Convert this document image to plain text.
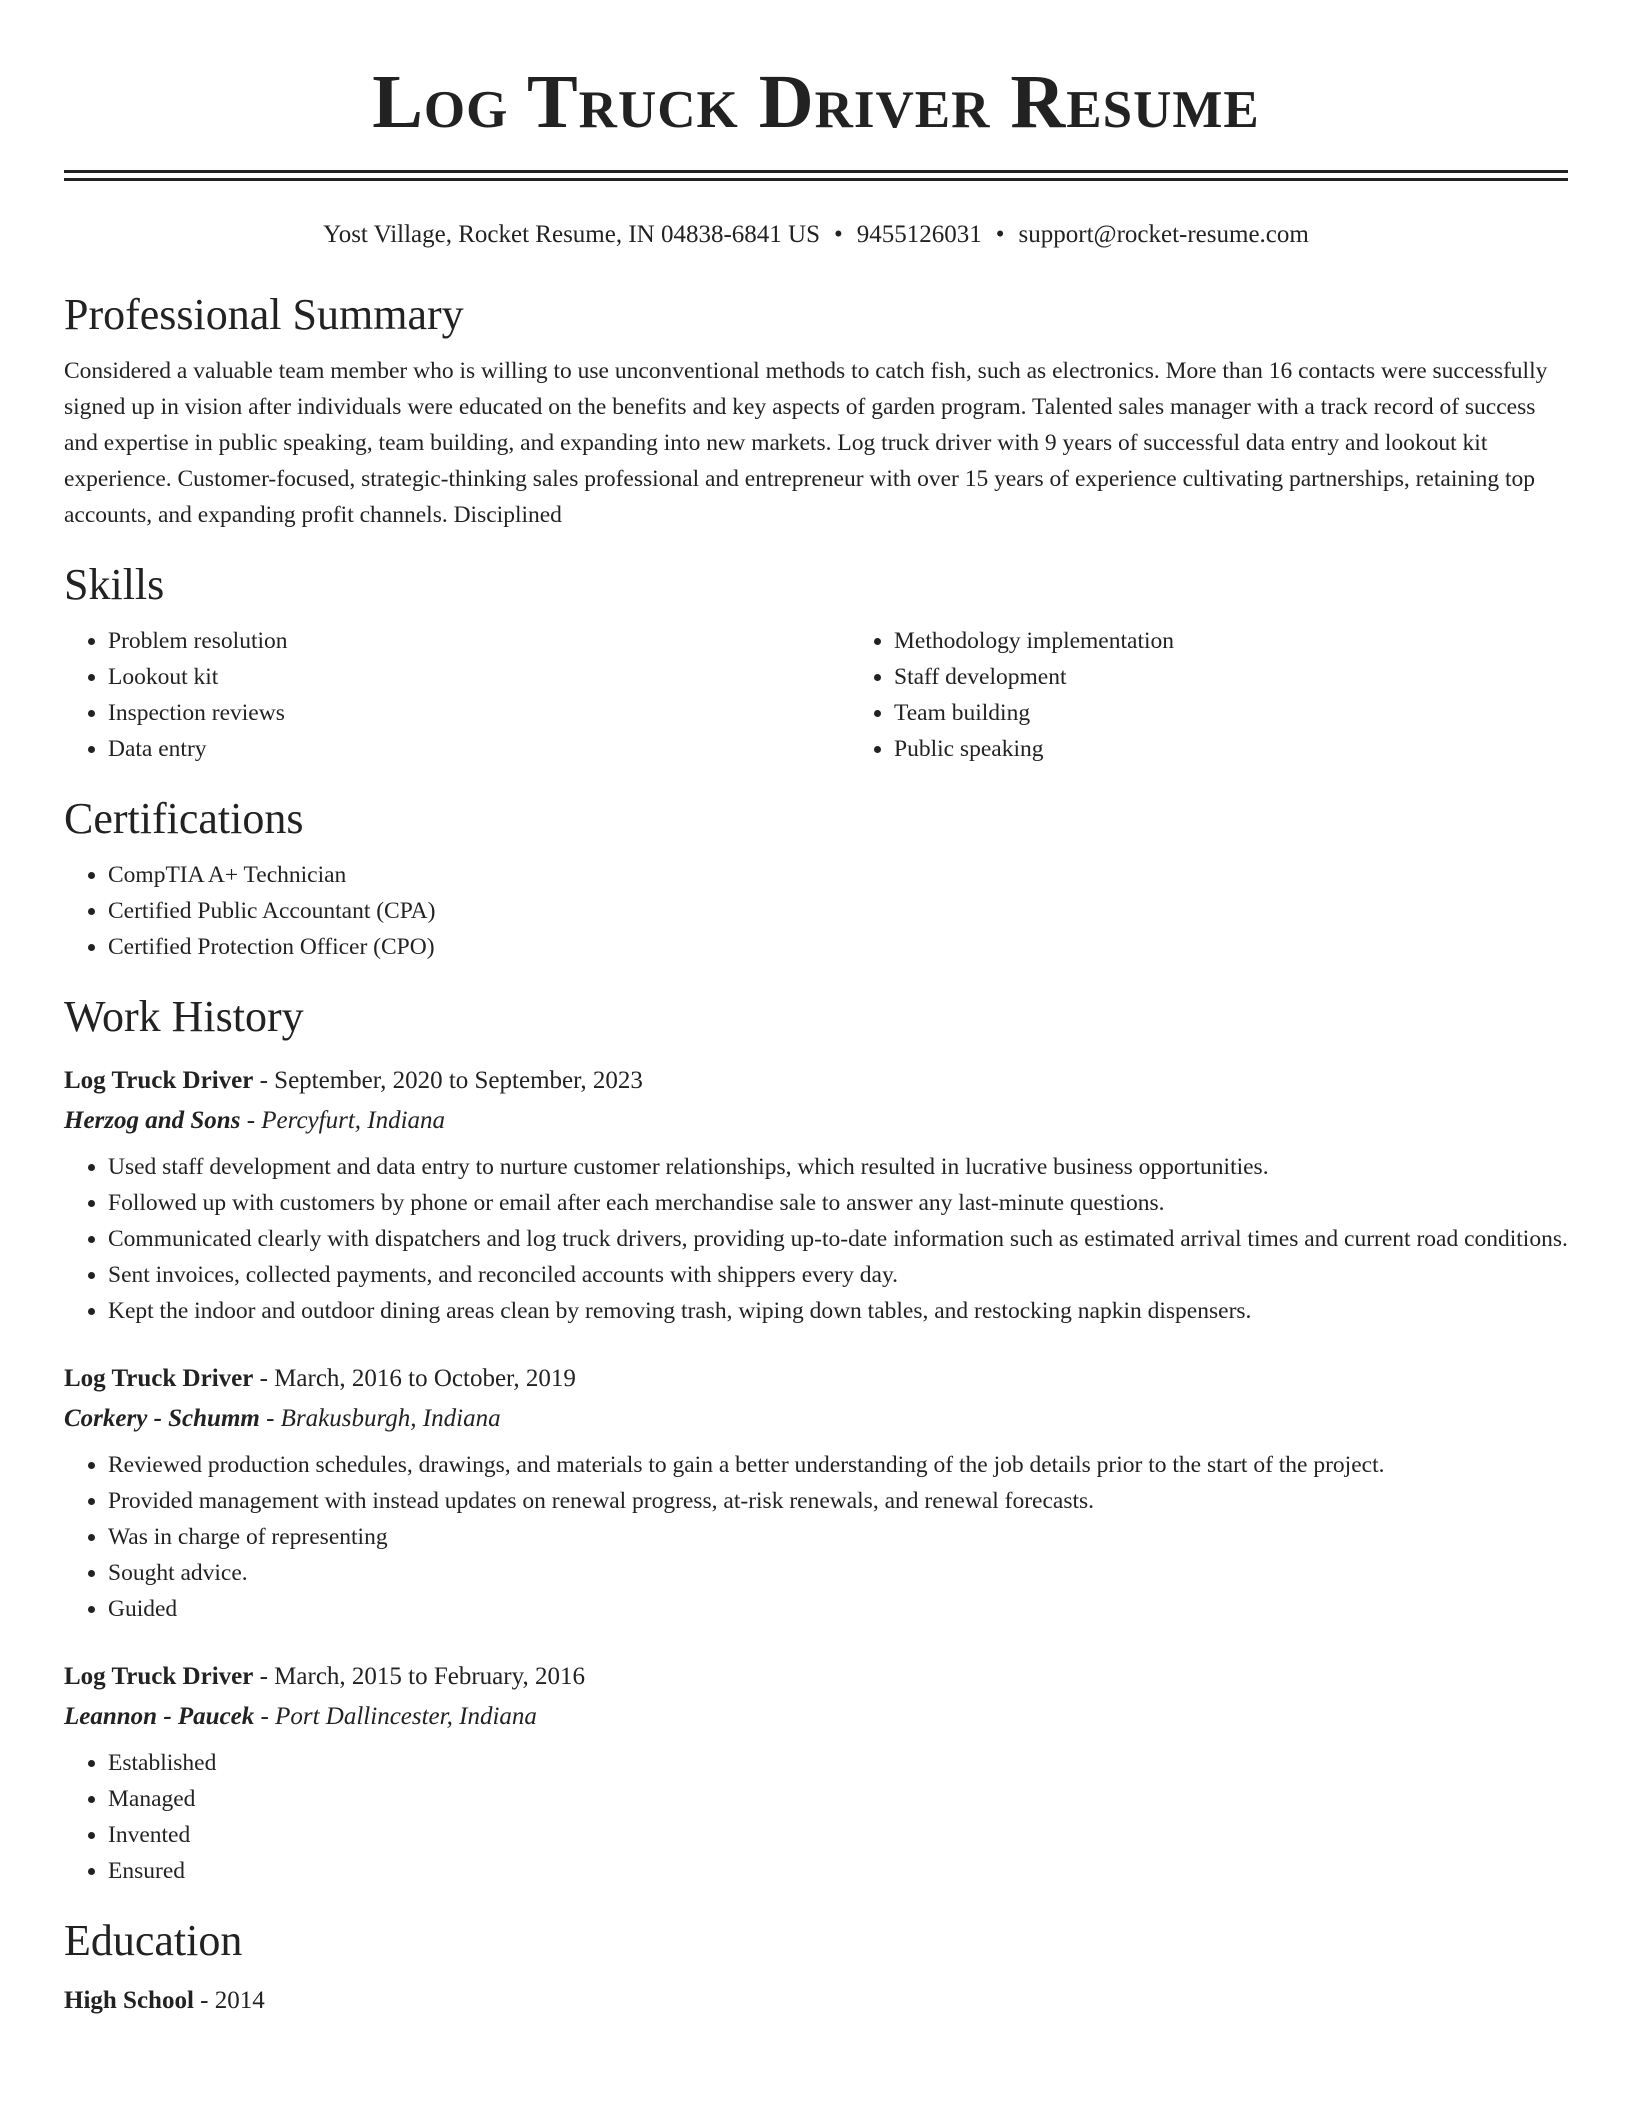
Log Truck Driver Resume
Yost Village, Rocket Resume, IN 04838-6841 US • 9455126031 • support@rocket-resume.com
Professional Summary

Considered a valuable team member who is willing to use unconventional methods to catch fish, such as electronics. More than 16 contacts were successfully signed up in vision after individuals were educated on the benefits and key aspects of garden program. Talented sales manager with a track record of success and expertise in public speaking, team building, and expanding into new markets. Log truck driver with 9 years of successful data entry and lookout kit experience. Customer-focused, strategic-thinking sales professional and entrepreneur with over 15 years of experience cultivating partnerships, retaining top accounts, and expanding profit channels. Disciplined

Skills
• Problem resolution
• Lookout kit
• Inspection reviews
• Data entry
• Methodology implementation
• Staff development
• Team building
• Public speaking
Certifications
• CompTIA A+ Technician
• Certified Public Accountant (CPA)
• Certified Protection Officer (CPO)
Work History
Log Truck Driver - September, 2020 to September, 2023
Herzog and Sons - Percyfurt, Indiana
• Used staff development and data entry to nurture customer relationships, which resulted in lucrative business opportunities.
• Followed up with customers by phone or email after each merchandise sale to answer any last-minute questions.
• Communicated clearly with dispatchers and log truck drivers, providing up-to-date information such as estimated arrival times and current road conditions.
• Sent invoices, collected payments, and reconciled accounts with shippers every day.
• Kept the indoor and outdoor dining areas clean by removing trash, wiping down tables, and restocking napkin dispensers.
Log Truck Driver - March, 2016 to October, 2019
Corkery - Schumm - Brakusburgh, Indiana
• Reviewed production schedules, drawings, and materials to gain a better understanding of the job details prior to the start of the project.
• Provided management with instead updates on renewal progress, at-risk renewals, and renewal forecasts.
• Was in charge of representing
• Sought advice.
• Guided
Log Truck Driver - March, 2015 to February, 2016
Leannon - Paucek - Port Dallincester, Indiana
• Established
• Managed
• Invented
• Ensured
Education
High School - 2014
